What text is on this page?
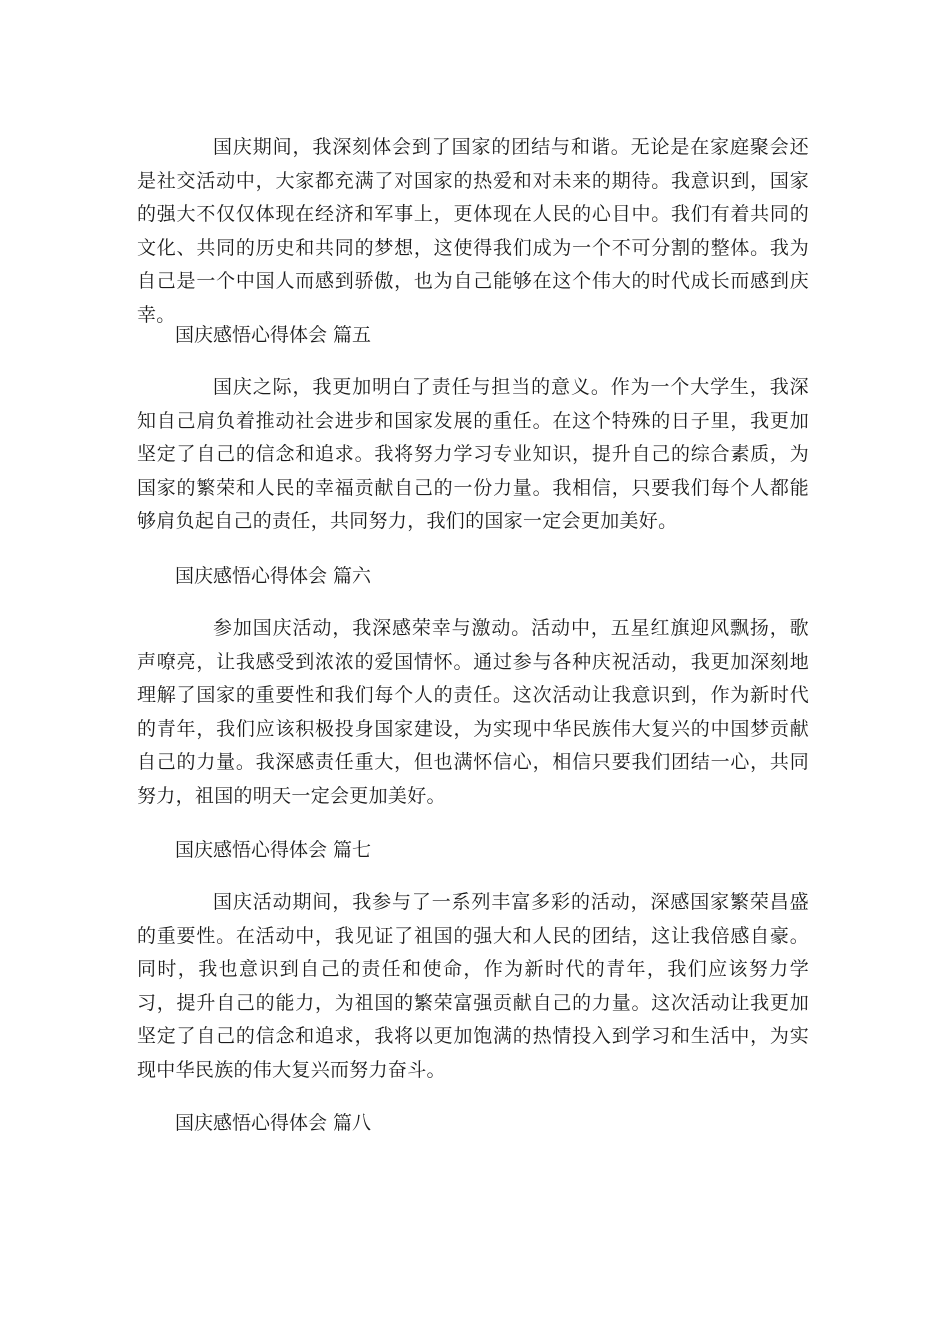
国庆期间，我深刻体会到了国家的团结与和谐。无论是在家庭聚会还是社交活动中，大家都充满了对国家的热爱和对未来的期待。我意识到，国家的强大不仅仅体现在经济和军事上，更体现在人民的心目中。我们有着共同的文化、共同的历史和共同的梦想，这使得我们成为一个不可分割的整体。我为自己是一个中国人而感到骄傲，也为自己能够在这个伟大的时代成长而感到庆幸。

国庆感悟心得体会 篇五

国庆之际，我更加明白了责任与担当的意义。作为一个大学生，我深知自己肩负着推动社会进步和国家发展的重任。在这个特殊的日子里，我更加坚定了自己的信念和追求。我将努力学习专业知识，提升自己的综合素质，为国家的繁荣和人民的幸福贡献自己的一份力量。我相信，只要我们每个人都能够肩负起自己的责任，共同努力，我们的国家一定会更加美好。

国庆感悟心得体会 篇六

参加国庆活动，我深感荣幸与激动。活动中，五星红旗迎风飘扬，歌声嘹亮，让我感受到浓浓的爱国情怀。通过参与各种庆祝活动，我更加深刻地理解了国家的重要性和我们每个人的责任。这次活动让我意识到，作为新时代的青年，我们应该积极投身国家建设，为实现中华民族伟大复兴的中国梦贡献自己的力量。我深感责任重大，但也满怀信心，相信只要我们团结一心，共同努力，祖国的明天一定会更加美好。

国庆感悟心得体会 篇七

国庆活动期间，我参与了一系列丰富多彩的活动，深感国家繁荣昌盛的重要性。在活动中，我见证了祖国的强大和人民的团结，这让我倍感自豪。同时，我也意识到自己的责任和使命，作为新时代的青年，我们应该努力学习，提升自己的能力，为祖国的繁荣富强贡献自己的力量。这次活动让我更加坚定了自己的信念和追求，我将以更加饱满的热情投入到学习和生活中，为实现中华民族的伟大复兴而努力奋斗。

国庆感悟心得体会 篇八
